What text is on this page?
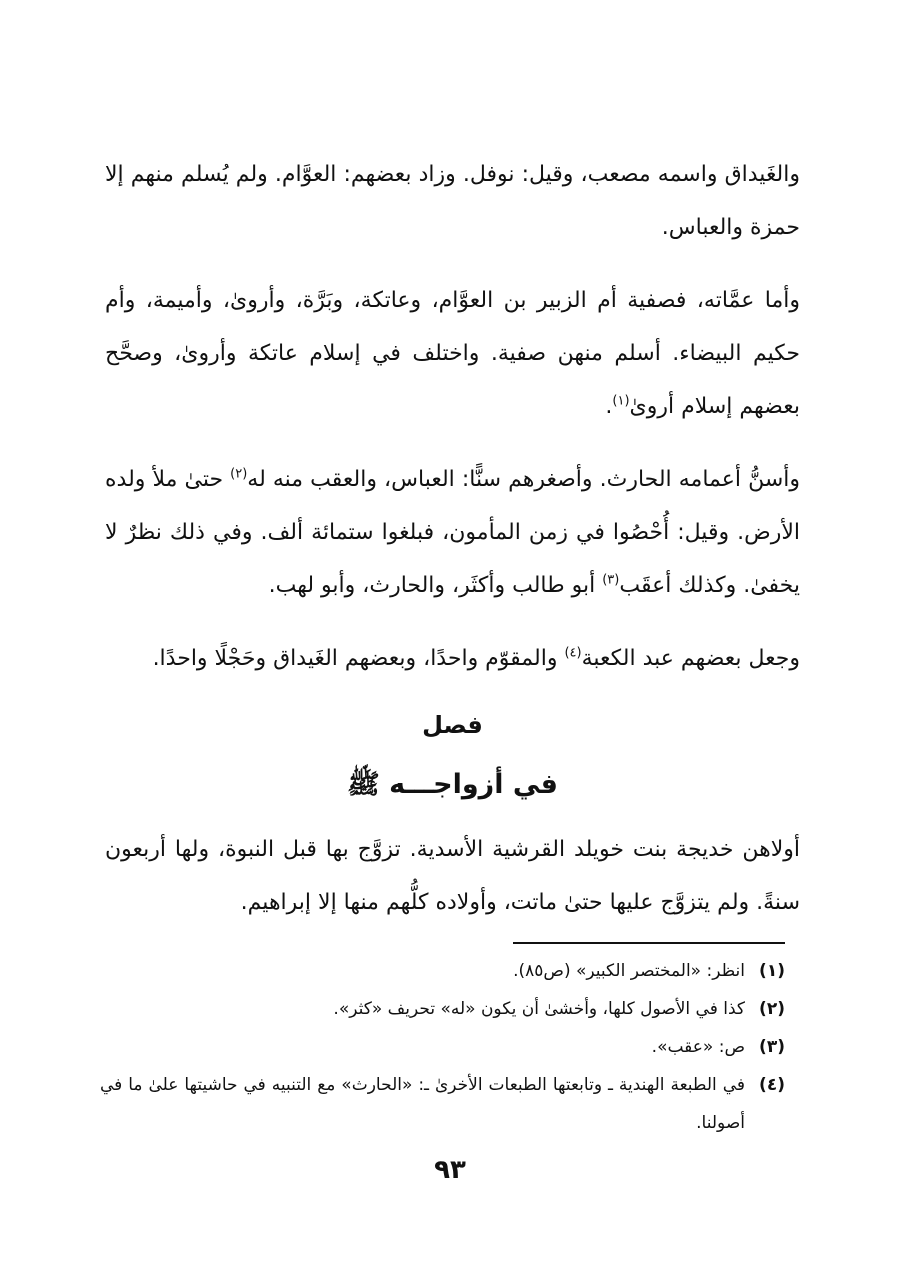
والغَيداق واسمه مصعب، وقيل: نوفل. وزاد بعضهم: العوَّام. ولم يُسلم منهم إلا حمزة والعباس.

وأما عمَّاته، فصفية أم الزبير بن العوَّام، وعاتكة، وبَرَّة، وأروىٰ، وأميمة، وأم حكيم البيضاء. أسلم منهن صفية. واختلف في إسلام عاتكة وأروىٰ، وصحَّح بعضهم إسلام أروىٰ$^{(١)}$.

وأسنُّ أعمامه الحارث. وأصغرهم سنًّا: العباس، والعقب منه له$^{(٢)}$ حتىٰ ملأ ولده الأرض. وقيل: أُحْصُوا في زمن المأمون، فبلغوا ستمائة ألف. وفي ذلك نظرٌ لا يخفىٰ. وكذلك أعقَب$^{(٣)}$ أبو طالب وأكثَر، والحارث، وأبو لهب.

وجعل بعضهم عبد الكعبة$^{(٤)}$ والمقوّم واحدًا، وبعضهم الغَيداق وحَجْلًا واحدًا.

فصل
في أزواجـــه ﷺ

أولاهن خديجة بنت خويلد القرشية الأسدية. تزوَّج بها قبل النبوة، ولها أربعون سنةً. ولم يتزوَّج عليها حتىٰ ماتت، وأولاده كلُّهم منها إلا إبراهيم.

(١)
انظر: «المختصر الكبير» (ص٨٥).
(٢)
كذا في الأصول كلها، وأخشىٰ أن يكون «له» تحريف «كثر».
(٣)
ص: «عقب».
(٤)
في الطبعة الهندية ـ وتابعتها الطبعات الأخرىٰ ـ: «الحارث» مع التنبيه في حاشيتها علىٰ ما في أصولنا.
٩٣
